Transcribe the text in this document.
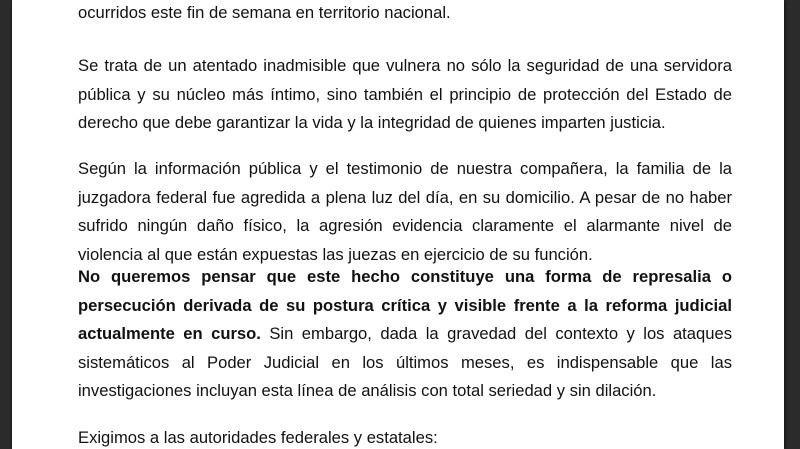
ocurridos este fin de semana en territorio nacional.

Se trata de un atentado inadmisible que vulnera no sólo la seguridad de una servidora pública y su núcleo más íntimo, sino también el principio de protección del Estado de derecho que debe garantizar la vida y la integridad de quienes imparten justicia.

Según la información pública y el testimonio de nuestra compañera, la familia de la juzgadora federal fue agredida a plena luz del día, en su domicilio. A pesar de no haber sufrido ningún daño físico, la agresión evidencia claramente el alarmante nivel de violencia al que están expuestas las juezas en ejercicio de su función.

No queremos pensar que este hecho constituye una forma de represalia o persecución derivada de su postura crítica y visible frente a la reforma judicial actualmente en curso. Sin embargo, dada la gravedad del contexto y los ataques sistemáticos al Poder Judicial en los últimos meses, es indispensable que las investigaciones incluyan esta línea de análisis con total seriedad y sin dilación.

Exigimos a las autoridades federales y estatales:
